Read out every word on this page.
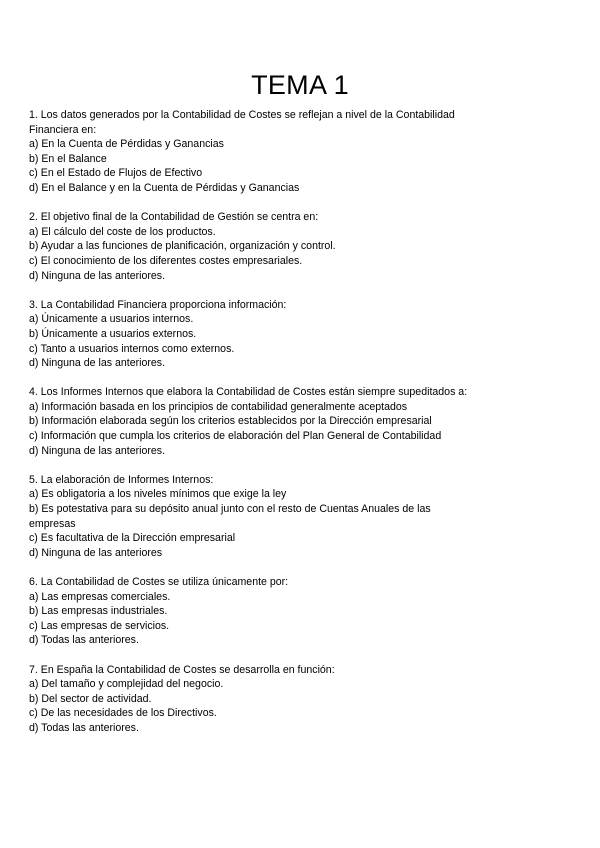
TEMA 1

1. Los datos generados por la Contabilidad de Costes se reflejan a nivel de la Contabilidad Financiera en:

a) En la Cuenta de Pérdidas y Ganancias

b) En el Balance

c) En el Estado de Flujos de Efectivo

d) En el Balance y en la Cuenta de Pérdidas y Ganancias

2. El objetivo final de la Contabilidad de Gestión se centra en:

a) El cálculo del coste de los productos.

b) Ayudar a las funciones de planificación, organización y control.

c) El conocimiento de los diferentes costes empresariales.

d) Ninguna de las anteriores.

3. La Contabilidad Financiera proporciona información:

a) Únicamente a usuarios internos.

b) Únicamente a usuarios externos.

c) Tanto a usuarios internos como externos.

d) Ninguna de las anteriores.

4. Los Informes Internos que elabora la Contabilidad de Costes están siempre supeditados a:

a) Información basada en los principios de contabilidad generalmente aceptados

b) Información elaborada según los criterios establecidos por la Dirección empresarial

c) Información que cumpla los criterios de elaboración del Plan General de Contabilidad

d) Ninguna de las anteriores.

5. La elaboración de Informes Internos:

a) Es obligatoria a los niveles mínimos que exige la ley

b) Es potestativa para su depósito anual junto con el resto de Cuentas Anuales de las empresas

c) Es facultativa de la Dirección empresarial

d) Ninguna de las anteriores

6. La Contabilidad de Costes se utiliza únicamente por:

a) Las empresas comerciales.

b) Las empresas industriales.

c) Las empresas de servicios.

d) Todas las anteriores.

7. En España la Contabilidad de Costes se desarrolla en función:

a) Del tamaño y complejidad del negocio.

b) Del sector de actividad.

c) De las necesidades de los Directivos.

d) Todas las anteriores.
